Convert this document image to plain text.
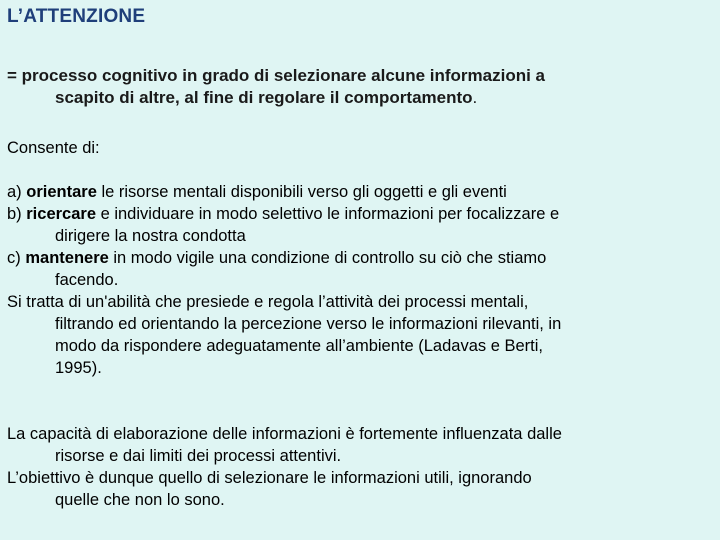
L’ATTENZIONE
= processo cognitivo in grado di selezionare alcune informazioni a
scapito di altre, al fine di regolare il comportamento.
Consente di:
a) orientare le risorse mentali disponibili verso gli oggetti e gli eventi
b) ricercare e individuare in modo selettivo le informazioni per focalizzare e
dirigere la nostra condotta
c) mantenere in modo vigile una condizione di controllo su ciò che stiamo
facendo.
Si tratta di un'abilità che presiede e regola l’attività dei processi mentali,
filtrando ed orientando la percezione verso le informazioni rilevanti, in
modo da rispondere adeguatamente all’ambiente (Ladavas e Berti,
1995).
La capacità di elaborazione delle informazioni è fortemente influenzata dalle
risorse e dai limiti dei processi attentivi.
L’obiettivo è dunque quello di selezionare le informazioni utili, ignorando
quelle che non lo sono.
